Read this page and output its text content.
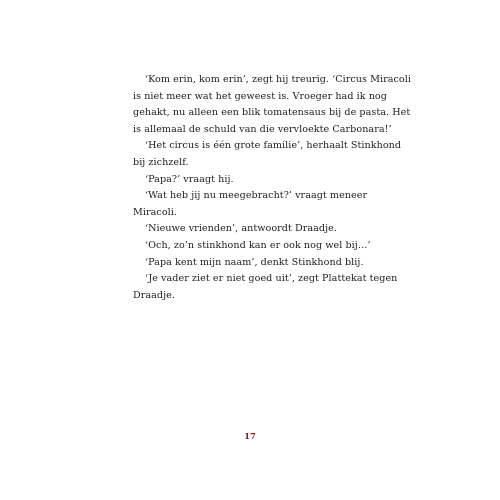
‘Kom erin, kom erin’, zegt hij treurig. ‘Circus Miracoli
is niet meer wat het geweest is. Vroeger had ik nog
gehakt, nu alleen een blik tomatensaus bij de pasta. Het
is allemaal de schuld van die vervloekte Carbonara!’
‘Het circus is één grote familie’, herhaalt Stinkhond
bij zichzelf.
‘Papa?’ vraagt hij.
‘Wat heb jij nu meegebracht?’ vraagt meneer
Miracoli.
‘Nieuwe vrienden’, antwoordt Draadje.
‘Och, zo’n stinkhond kan er ook nog wel bij…’
‘Papa kent mijn naam’, denkt Stinkhond blij.
‘Je vader ziet er niet goed uit’, zegt Plattekat tegen
Draadje.
17
